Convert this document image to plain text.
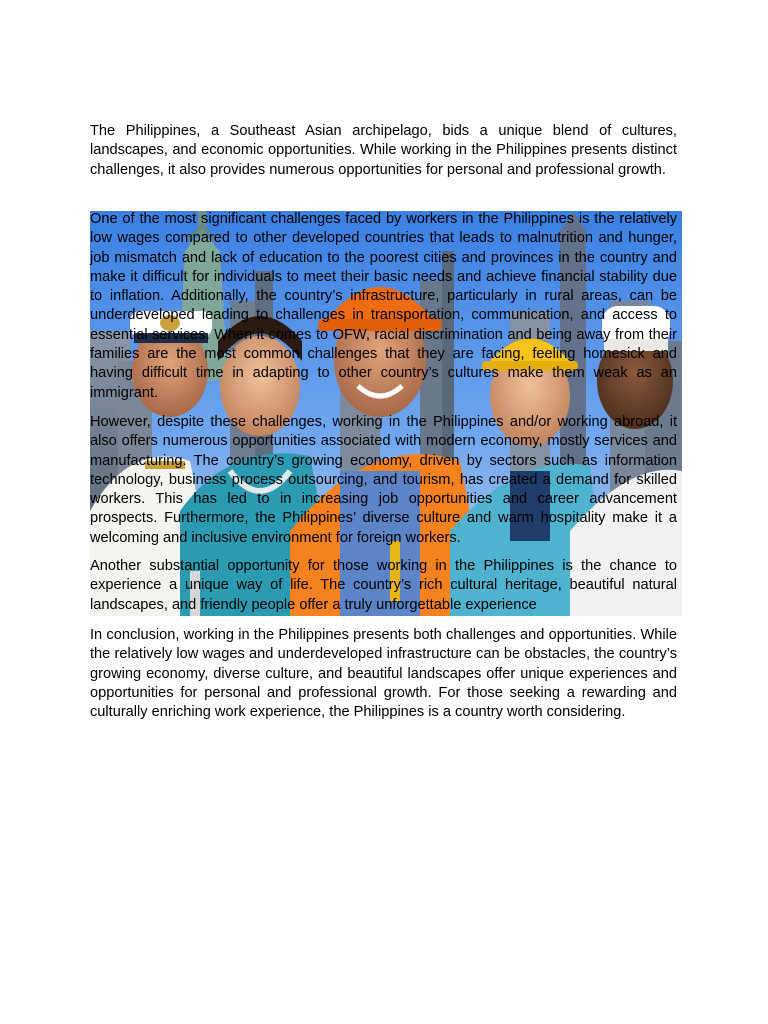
The Philippines, a Southeast Asian archipelago, bids a unique blend of cultures, landscapes, and economic opportunities. While working in the Philippines presents distinct challenges, it also provides numerous opportunities for personal and professional growth.

One of the most significant challenges faced by workers in the Philippines is the relatively low wages compared to other developed countries that leads to malnutrition and hunger, job mismatch and lack of education to the poorest cities and provinces in the country and make it difficult for individuals to meet their basic needs and achieve financial stability due to inflation. Additionally, the country’s infrastructure, particularly in rural areas, can be underdeveloped leading to challenges in transportation, communication, and access to essential services. When it comes to OFW, racial discrimination and being away from their families are the most common challenges that they are facing, feeling homesick and having difficult time in adapting to other country’s cultures make them weak as an immigrant.

However, despite these challenges, working in the Philippines and/or working abroad, it also offers numerous opportunities associated with modern economy, mostly services and manufacturing. The country’s growing economy, driven by sectors such as information technology, business process outsourcing, and tourism, has created a demand for skilled workers. This has led to in increasing job opportunities and career advancement prospects. Furthermore, the Philippines’ diverse culture and warm hospitality make it a welcoming and inclusive environment for foreign workers.

Another substantial opportunity for those working in the Philippines is the chance to experience a unique way of life. The country’s rich cultural heritage, beautiful natural landscapes, and friendly people offer a truly unforgettable experience

In conclusion, working in the Philippines presents both challenges and opportunities. While the relatively low wages and underdeveloped infrastructure can be obstacles, the country’s growing economy, diverse culture, and beautiful landscapes offer unique experiences and opportunities for personal and professional growth. For those seeking a rewarding and culturally enriching work experience, the Philippines is a country worth considering.
